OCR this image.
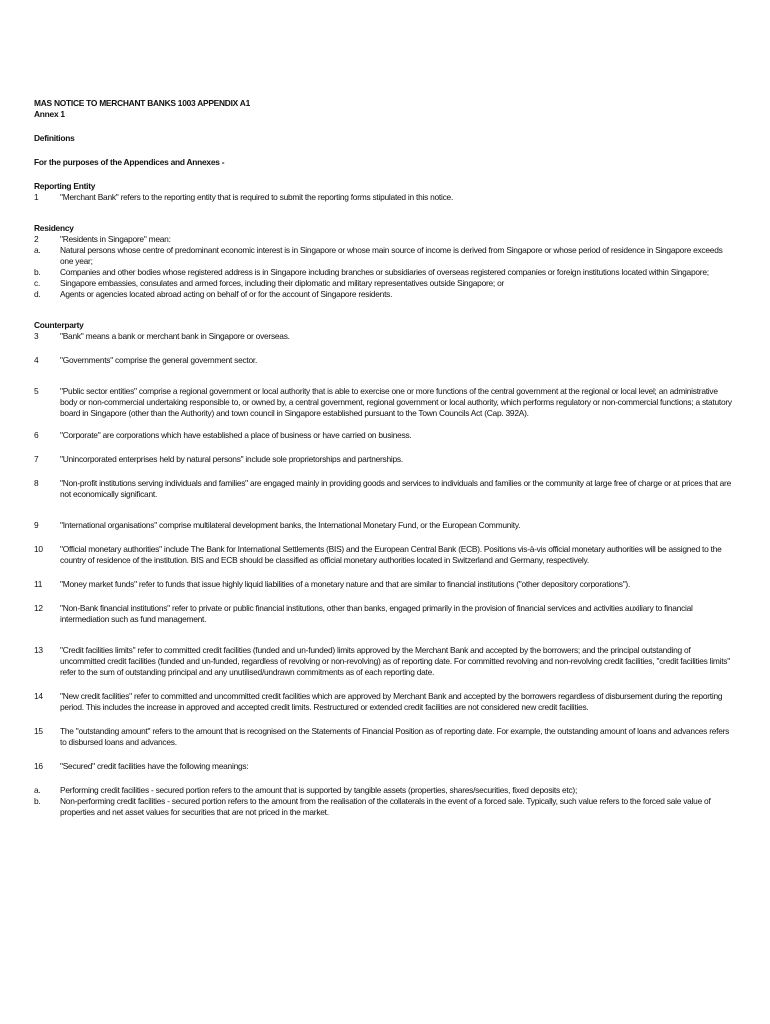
MAS NOTICE TO MERCHANT BANKS 1003 APPENDIX A1
Annex 1
Definitions
For the purposes of the Appendices and Annexes -
Reporting Entity
1	"Merchant Bank" refers to the reporting entity that is required to submit the reporting forms stipulated in this notice.
Residency
2	"Residents in Singapore" mean:
a.	Natural persons whose centre of predominant economic interest is in Singapore or whose main source of income is derived from Singapore or whose period of residence in Singapore exceeds one year;
b.	Companies and other bodies whose registered address is in Singapore including branches or subsidiaries of overseas registered companies or foreign institutions located within Singapore;
c.	Singapore embassies, consulates and armed forces, including their diplomatic and military representatives outside Singapore; or
d.	Agents or agencies located abroad acting on behalf of or for the account of Singapore residents.
Counterparty
3	"Bank" means a bank or merchant bank in Singapore or overseas.
4	"Governments" comprise the general government sector.
5	"Public sector entities" comprise a regional government or local authority that is able to exercise one or more functions of the central government at the regional or local level; an administrative body or non-commercial undertaking responsible to, or owned by, a central government, regional government or local authority, which performs regulatory or non-commercial functions; a statutory board in Singapore (other than the Authority) and town council in Singapore established pursuant to the Town Councils Act (Cap. 392A).
6	"Corporate" are corporations which have established a place of business or have carried on business.
7	"Unincorporated enterprises held by natural persons" include sole proprietorships and partnerships.
8	"Non-profit institutions serving individuals and families" are engaged mainly in providing goods and services to individuals and families or the community at large free of charge or at prices that are not economically significant.
9	"International organisations" comprise multilateral development banks, the International Monetary Fund, or the European Community.
10	"Official monetary authorities" include The Bank for International Settlements (BIS) and the European Central Bank (ECB). Positions vis-à-vis official monetary authorities will be assigned to the country of residence of the institution. BIS and ECB should be classified as official monetary authorities located in Switzerland and Germany, respectively.
11	"Money market funds" refer to funds that issue highly liquid liabilities of a monetary nature and that are similar to financial institutions ("other depository corporations").
12	"Non-Bank financial institutions" refer to private or public financial institutions, other than banks, engaged primarily in the provision of financial services and activities auxiliary to financial intermediation such as fund management.
13	"Credit facilities limits" refer to committed credit facilities (funded and un-funded) limits approved by the Merchant Bank and accepted by the borrowers; and the principal outstanding of uncommitted credit facilities (funded and un-funded, regardless of revolving or non-revolving) as of reporting date. For committed revolving and non-revolving credit facilities, "credit facilities limits" refer to the sum of outstanding principal and any unutilised/undrawn commitments as of each reporting date.
14	"New credit facilities" refer to committed and uncommitted credit facilities which are approved by Merchant Bank and accepted by the borrowers regardless of disbursement during the reporting period. This includes the increase in approved and accepted credit limits. Restructured or extended credit facilities are not considered new credit facilities.
15	The "outstanding amount" refers to the amount that is recognised on the Statements of Financial Position as of reporting date. For example, the outstanding amount of loans and advances refers to disbursed loans and advances.
16	"Secured" credit facilities have the following meanings:
a.	Performing credit facilities - secured portion refers to the amount that is supported by tangible assets (properties, shares/securities, fixed deposits etc);
b.	Non-performing credit facilities - secured portion refers to the amount from the realisation of the collaterals in the event of a forced sale. Typically, such value refers to the forced sale value of properties and net asset values for securities that are not priced in the market.
